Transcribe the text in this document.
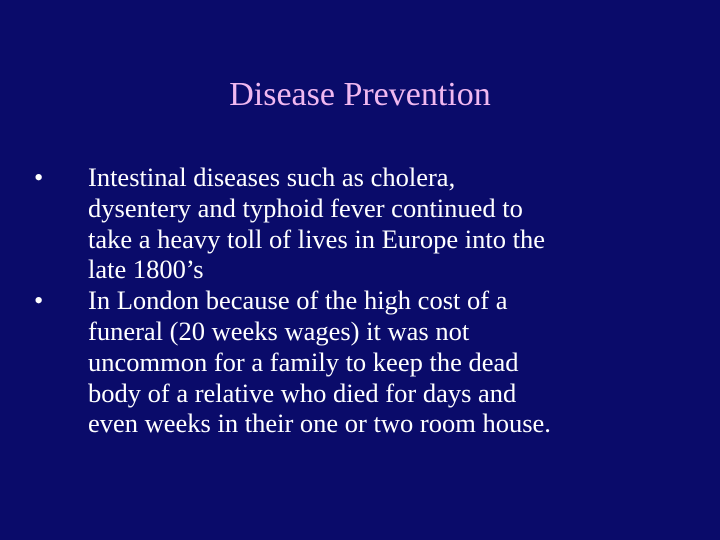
Disease Prevention
• Intestinal diseases such as cholera,
dysentery and typhoid fever continued to
take a heavy toll of lives in Europe into the
late 1800’s
• In London because of the high cost of a
funeral (20 weeks wages) it was not
uncommon for a family to keep the dead
body of a relative who died for days and
even weeks in their one or two room house.
